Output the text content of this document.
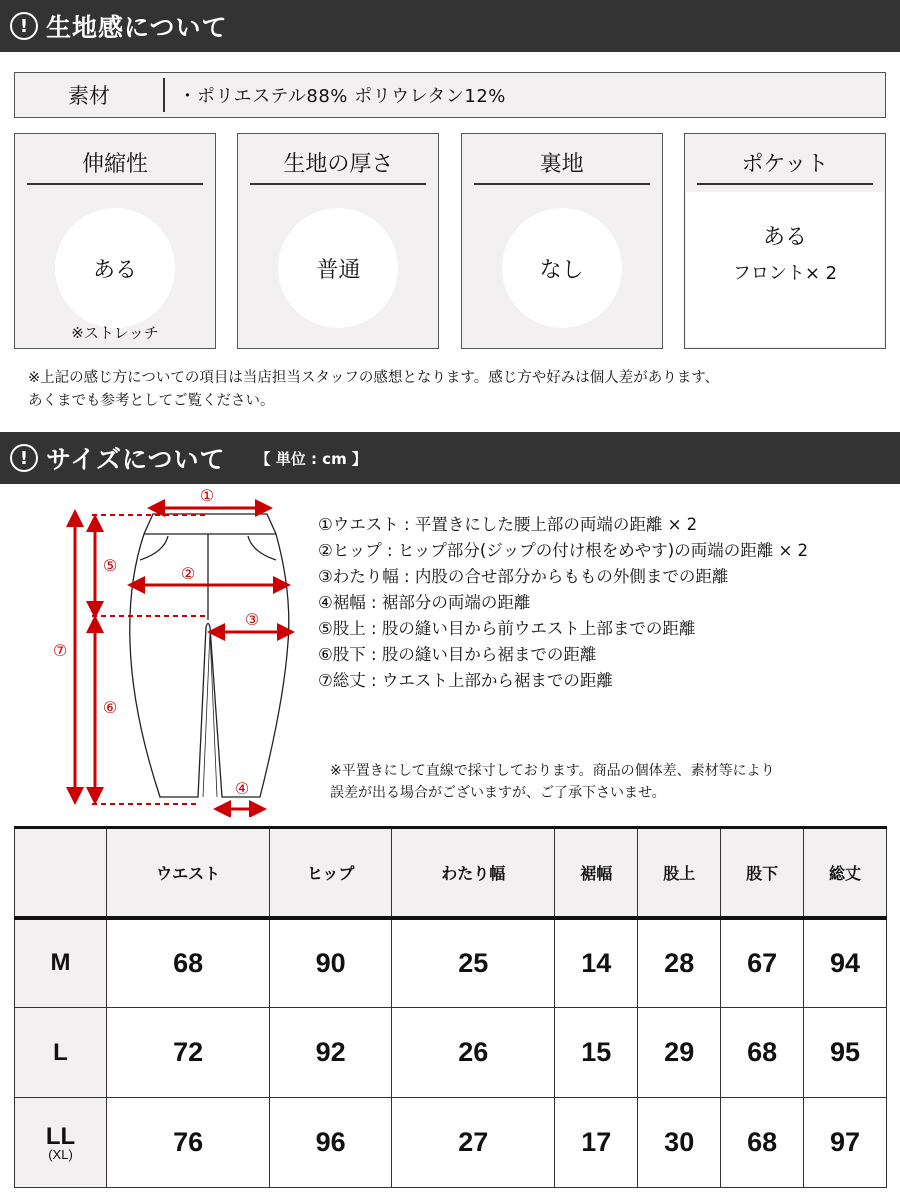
! 生地感について
素材	・ポリエステル88% ポリウレタン12%
伸縮性
ある
※ストレッチ
生地の厚さ
普通
裏地
なし
ポケット
ある
フロント× 2
※上記の感じ方についての項目は当店担当スタッフの感想となります。感じ方や好みは個人差があります、
あくまでも参考としてご覧ください。
! サイズについて 【 単位 : cm 】
①
②
③
④
⑤
⑥
⑦
①ウエスト : 平置きにした腰上部の両端の距離 × 2
②ヒップ : ヒップ部分(ジップの付け根をめやす)の両端の距離 × 2
③わたり幅 : 内股の合せ部分からももの外側までの距離
④裾幅 : 裾部分の両端の距離
⑤股上 : 股の縫い目から前ウエスト上部までの距離
⑥股下 : 股の縫い目から裾までの距離
⑦総丈 : ウエスト上部から裾までの距離
※平置きにして直線で採寸しております。商品の個体差、素材等により
誤差が出る場合がございますが、ご了承下さいませ。
	ウエスト	ヒップ	わたり幅	裾幅	股上	股下	総丈

M	68	90	25	14	28	67	94

L	72	92	26	15	29	68	95

LL
(XL)	76	96	27	17	30	68	97
